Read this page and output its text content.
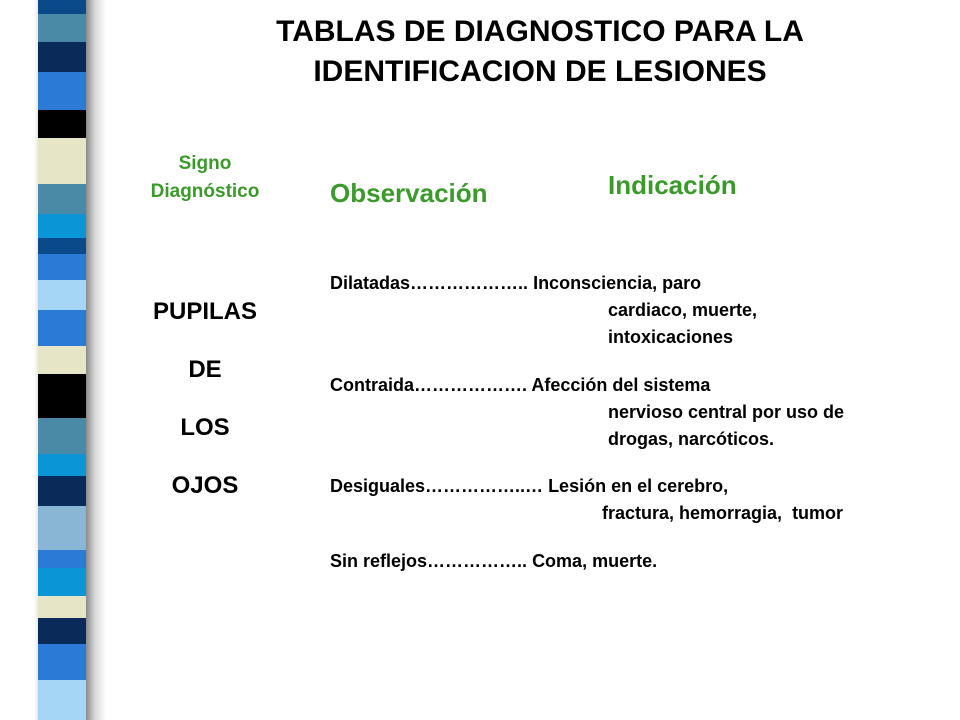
TABLAS DE DIAGNOSTICO PARA LA
IDENTIFICACION DE LESIONES
Signo
Diagnóstico	Observación	Indicación
PUPILAS
DE
LOS
OJOS
Dilatadas……………….. Inconsciencia, paro
cardiaco, muerte,
intoxicaciones
Contraida………………. Afección del sistema
nervioso central por uso de
drogas, narcóticos.
Desiguales……………..… Lesión en el cerebro,
fractura, hemorragia,  tumor
Sin reflejos…………….. Coma, muerte.
